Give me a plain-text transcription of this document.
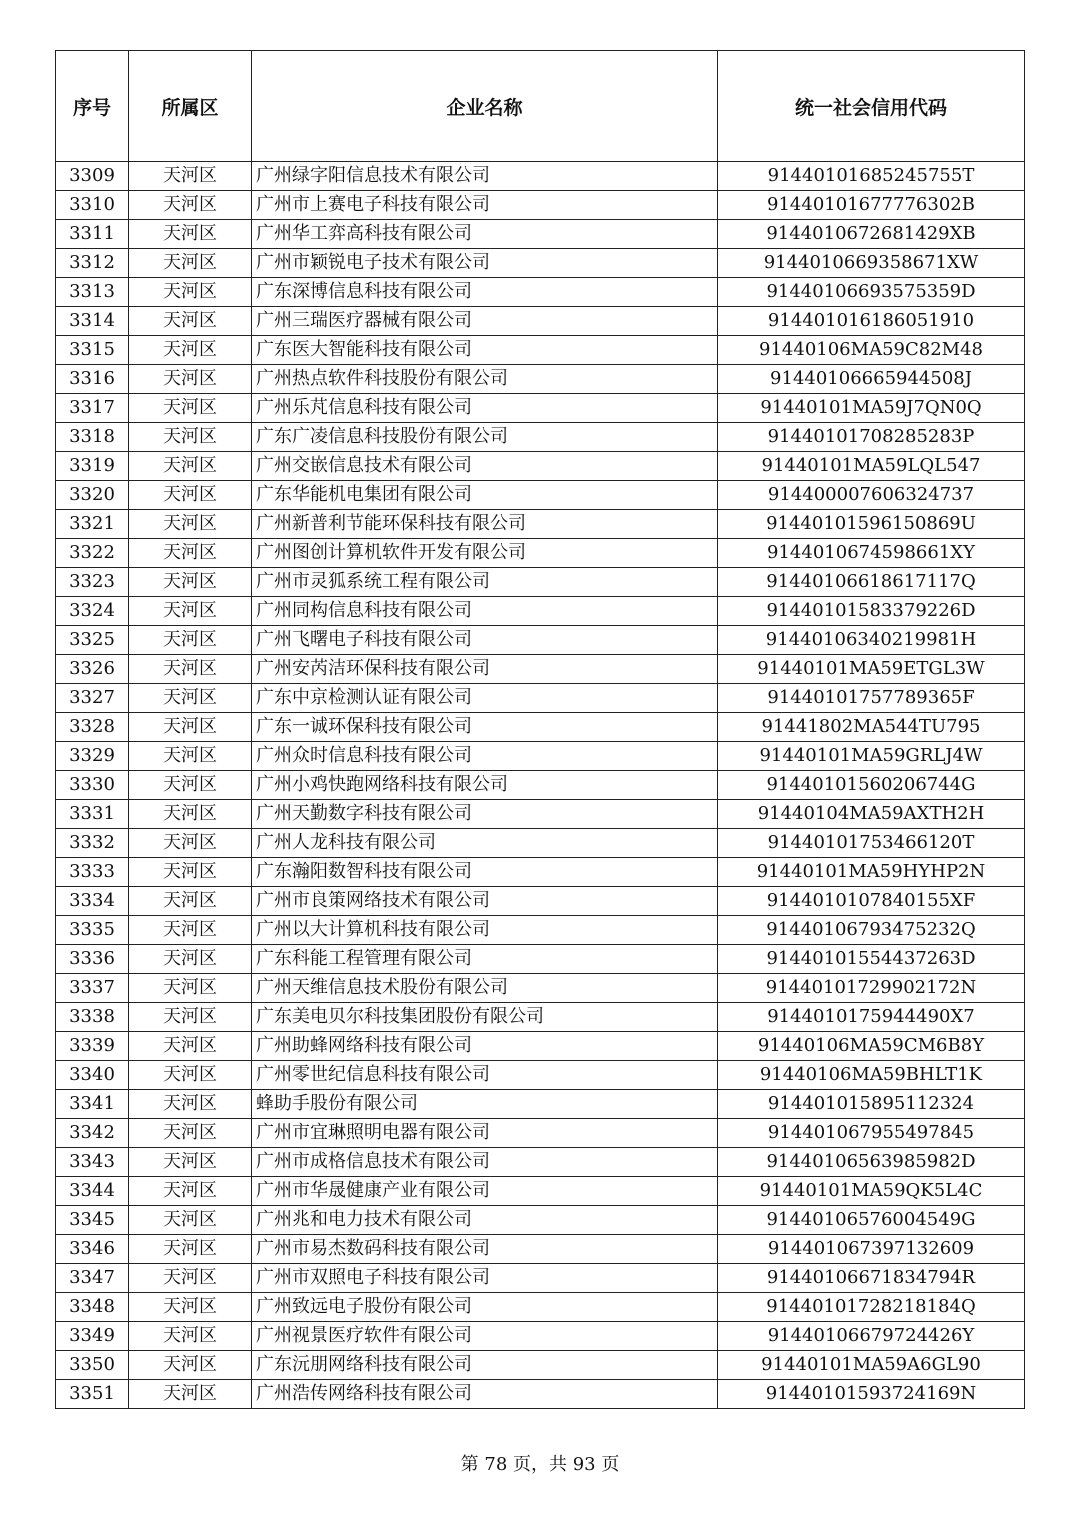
序号	所属区	企业名称	统一社会信用代码
3309	天河区	广州绿字阳信息技术有限公司	91440101685245755T
3310	天河区	广州市上赛电子科技有限公司	91440101677776302B
3311	天河区	广州华工弈高科技有限公司	9144010672681429XB
3312	天河区	广州市颖锐电子技术有限公司	9144010669358671XW
3313	天河区	广东深博信息科技有限公司	91440106693575359D
3314	天河区	广州三瑞医疗器械有限公司	914401016186051910
3315	天河区	广东医大智能科技有限公司	91440106MA59C82M48
3316	天河区	广州热点软件科技股份有限公司	91440106665944508J
3317	天河区	广州乐芃信息科技有限公司	91440101MA59J7QN0Q
3318	天河区	广东广凌信息科技股份有限公司	91440101708285283P
3319	天河区	广州交嵌信息技术有限公司	91440101MA59LQL547
3320	天河区	广东华能机电集团有限公司	914400007606324737
3321	天河区	广州新普利节能环保科技有限公司	91440101596150869U
3322	天河区	广州图创计算机软件开发有限公司	9144010674598661XY
3323	天河区	广州市灵狐系统工程有限公司	91440106618617117Q
3324	天河区	广州同构信息科技有限公司	91440101583379226D
3325	天河区	广州飞曙电子科技有限公司	91440106340219981H
3326	天河区	广州安芮洁环保科技有限公司	91440101MA59ETGL3W
3327	天河区	广东中京检测认证有限公司	91440101757789365F
3328	天河区	广东一诚环保科技有限公司	91441802MA544TU795
3329	天河区	广州众时信息科技有限公司	91440101MA59GRLJ4W
3330	天河区	广州小鸡快跑网络科技有限公司	91440101560206744G
3331	天河区	广州天勤数字科技有限公司	91440104MA59AXTH2H
3332	天河区	广州人龙科技有限公司	91440101753466120T
3333	天河区	广东瀚阳数智科技有限公司	91440101MA59HYHP2N
3334	天河区	广州市良策网络技术有限公司	9144010107840155XF
3335	天河区	广州以大计算机科技有限公司	91440106793475232Q
3336	天河区	广东科能工程管理有限公司	91440101554437263D
3337	天河区	广州天维信息技术股份有限公司	91440101729902172N
3338	天河区	广东美电贝尔科技集团股份有限公司	9144010175944490X7
3339	天河区	广州助蜂网络科技有限公司	91440106MA59CM6B8Y
3340	天河区	广州零世纪信息科技有限公司	91440106MA59BHLT1K
3341	天河区	蜂助手股份有限公司	914401015895112324
3342	天河区	广州市宜琳照明电器有限公司	914401067955497845
3343	天河区	广州市成格信息技术有限公司	91440106563985982D
3344	天河区	广州市华晟健康产业有限公司	91440101MA59QK5L4C
3345	天河区	广州兆和电力技术有限公司	91440106576004549G
3346	天河区	广州市易杰数码科技有限公司	914401067397132609
3347	天河区	广州市双照电子科技有限公司	91440106671834794R
3348	天河区	广州致远电子股份有限公司	91440101728218184Q
3349	天河区	广州视景医疗软件有限公司	91440106679724426Y
3350	天河区	广东沅朋网络科技有限公司	91440101MA59A6GL90
3351	天河区	广州浩传网络科技有限公司	91440101593724169N
第 78 页，共 93 页
